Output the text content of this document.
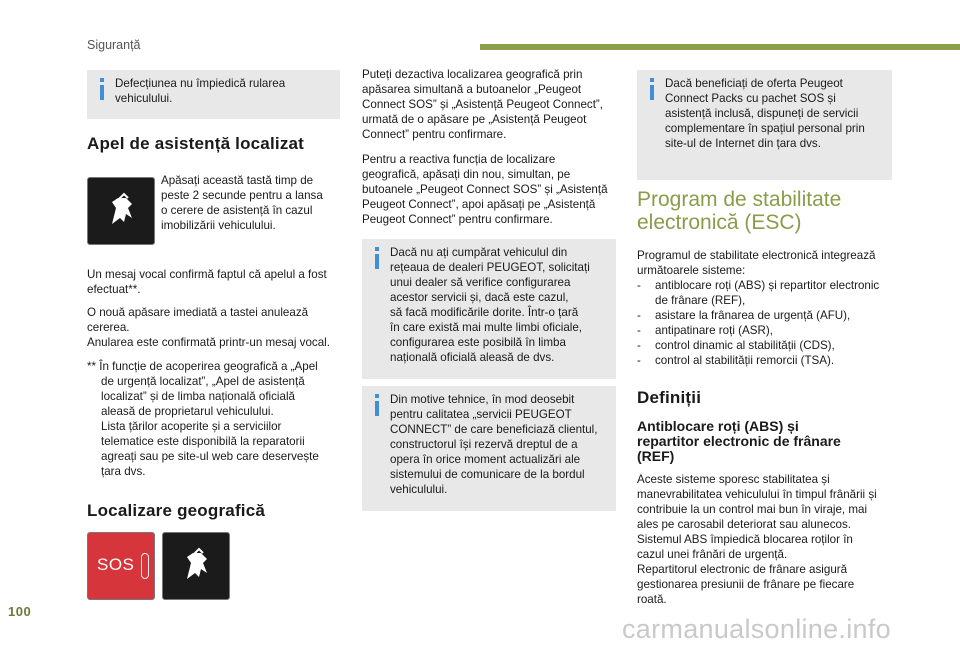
Siguranță
Defecțiunea nu împiedică rularea vehiculului.
Apel de asistență localizat
Apăsați această tastă timp de
peste 2 secunde pentru a lansa
o cerere de asistență în cazul
imobilizării vehiculului.
Un mesaj vocal confirmă faptul că apelul a fost
efectuat**.
O nouă apăsare imediată a tastei anulează
cererea.
Anularea este confirmată printr-un mesaj vocal.
** În funcție de acoperirea geografică a „Apel
de urgență localizat”, „Apel de asistență
localizat” și de limba națională oficială
aleasă de proprietarul vehiculului.
Lista țărilor acoperite și a serviciilor
telematice este disponibilă la reparatorii
agreați sau pe site-ul web care deservește
țara dvs.
Localizare geografică
SOS
Puteți dezactiva localizarea geografică prin
apăsarea simultană a butoanelor „Peugeot
Connect SOS” și „Asistență Peugeot Connect”,
urmată de o apăsare pe „Asistență Peugeot
Connect” pentru confirmare.
Pentru a reactiva funcția de localizare
geografică, apăsați din nou, simultan, pe
butoanele „Peugeot Connect SOS” și „Asistență
Peugeot Connect”, apoi apăsați pe „Asistență
Peugeot Connect” pentru confirmare.
Dacă nu ați cumpărat vehiculul din
rețeaua de dealeri PEUGEOT, solicitați
unui dealer să verifice configurarea
acestor servicii și, dacă este cazul,
să facă modificările dorite. Într-o țară
în care există mai multe limbi oficiale,
configurarea este posibilă în limba
națională oficială aleasă de dvs.
Din motive tehnice, în mod deosebit
pentru calitatea „servicii PEUGEOT
CONNECT” de care beneficiază clientul,
constructorul își rezervă dreptul de a
opera în orice moment actualizări ale
sistemului de comunicare de la bordul
vehiculului.
Dacă beneficiați de oferta Peugeot
Connect Packs cu pachet SOS și
asistență inclusă, dispuneți de servicii
complementare în spațiul personal prin
site-ul de Internet din țara dvs.
Program de stabilitate
electronică (ESC)
Programul de stabilitate electronică integrează
următoarele sisteme:
- antiblocare roți (ABS) și repartitor electronic
de frânare (REF),
- asistare la frânarea de urgență (AFU),
- antipatinare roți (ASR),
- control dinamic al stabilității (CDS),
- control al stabilității remorcii (TSA).
Definiții
Antiblocare roți (ABS) și
repartitor electronic de frânare
(REF)
Aceste sisteme sporesc stabilitatea și
manevrabilitatea vehiculului în timpul frânării și
contribuie la un control mai bun în viraje, mai
ales pe carosabil deteriorat sau alunecos.
Sistemul ABS împiedică blocarea roților în
cazul unei frânări de urgență.
Repartitorul electronic de frânare asigură
gestionarea presiunii de frânare pe fiecare
roată.
100
carmanualsonline.info
